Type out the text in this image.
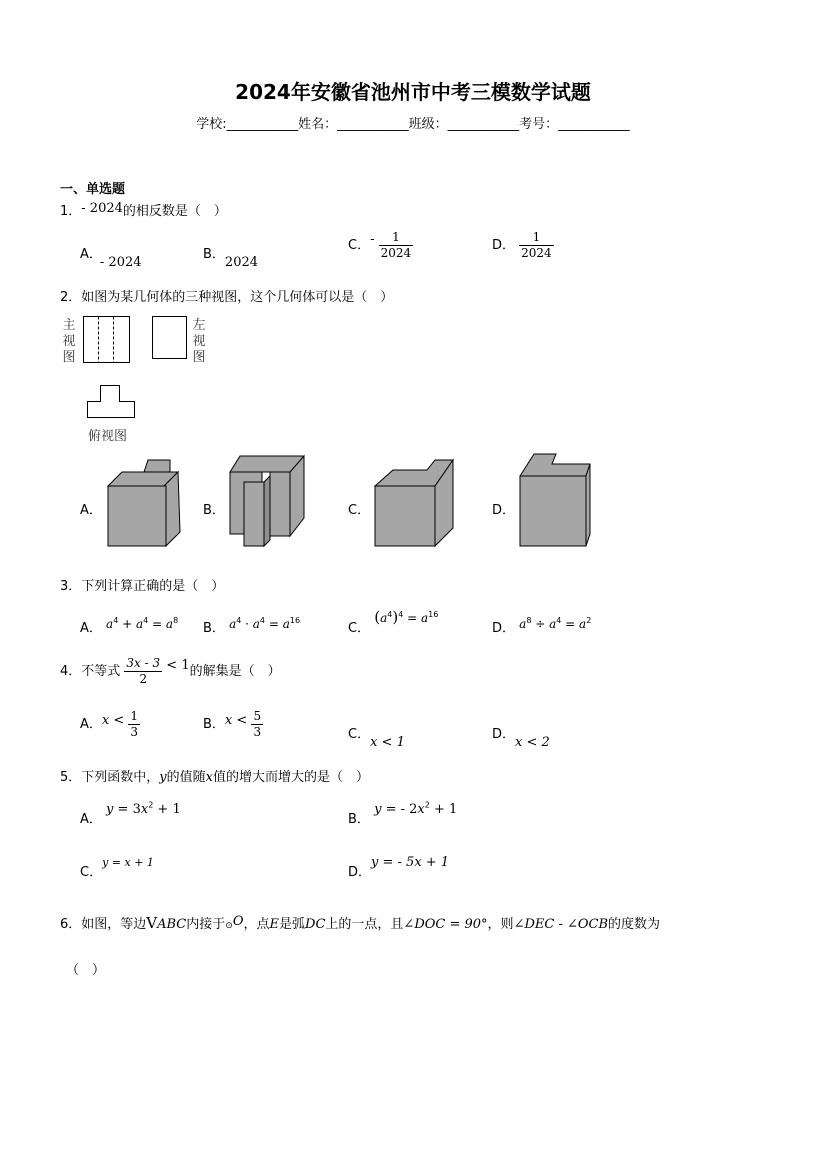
2024年安徽省池州市中考三模数学试题
学校:___________姓名：___________班级：___________考号：___________
一、单选题
1．- 2024的相反数是（　）
A．- 2024
B．2024
C．- $\frac{1}{2024}$	D． $\frac{1}{2024}$
2．如图为某几何体的三种视图，这个几何体可以是（　）
主
视
图
左
视
图
俯视图
A．	B．	C．	D．
3．下列计算正确的是（　）
A． $a^4 + a^4 = a^8$
B． $a^4 \cdot a^4 = a^{16}$
C． $(a^4)^4 = a^{16}$
D． $a^8 \div a^4 = a^2$
4．不等式 $\frac{3x - 3}{2} < 1$的解集是（　）
A．$x < \frac{1}{3}$	B．$x < \frac{5}{3}$	C．x < 1
D．x < 2
5．下列函数中，y的值随x值的增大而增大的是（　）
A． $y = 3x^2 + 1$
B． y = - $2x^2 + 1$
C．$^{y = x + 1}$
D．y = - 5x + 1
6．如图，等边VABC内接于⊙O，点E是弧DC上的一点，且∠DOC = 90°，则∠DEC - ∠OCB的度数为
（　）
